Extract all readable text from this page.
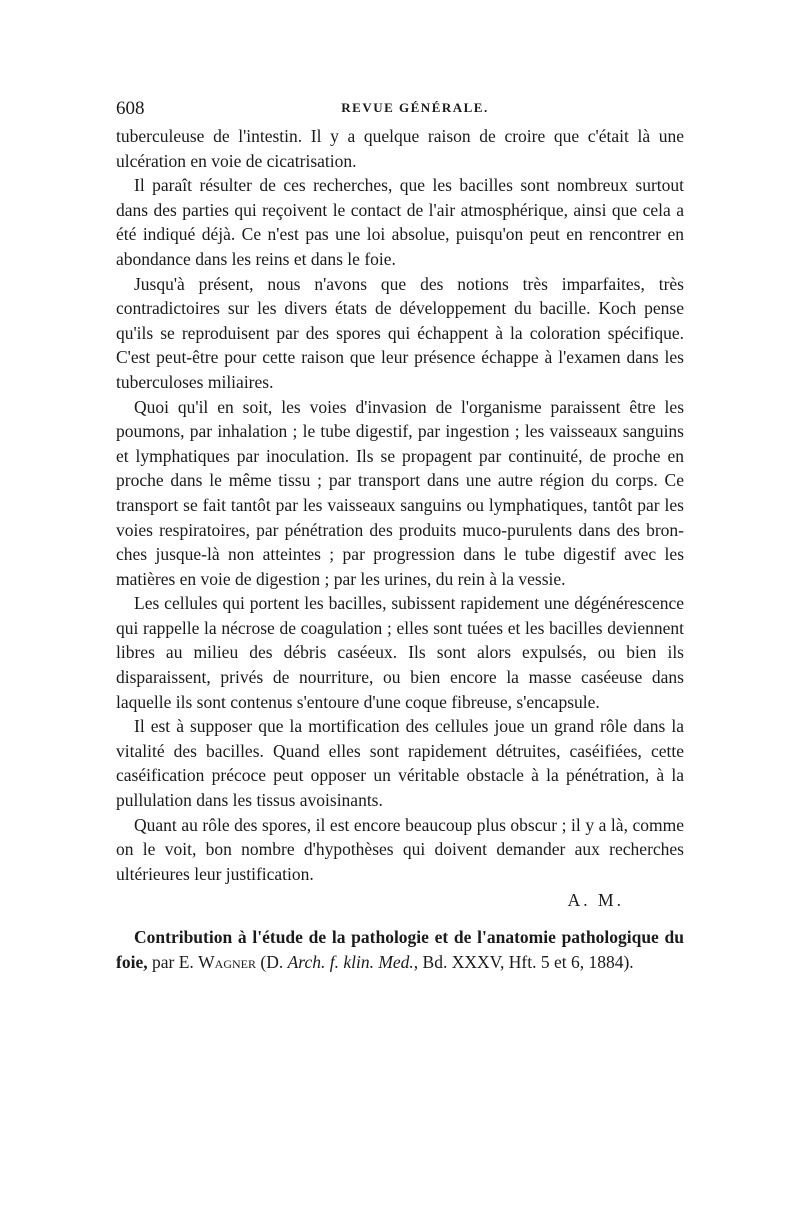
608	REVUE GÉNÉRALE.

tuberculeuse de l'intestin. Il y a quelque raison de croire que c'était là une ulcération en voie de cicatrisation.

Il paraît résulter de ces recherches, que les bacilles sont nombreux surtout dans des parties qui reçoivent le contact de l'air atmosphérique, ainsi que cela a été indiqué déjà. Ce n'est pas une loi absolue, puisqu'on peut en rencontrer en abondance dans les reins et dans le foie.

Jusqu'à présent, nous n'avons que des notions très imparfaites, très contradictoires sur les divers états de développement du bacille. Koch pense qu'ils se reproduisent par des spores qui échappent à la coloration spécifique. C'est peut-être pour cette raison que leur présence échappe à l'examen dans les tuberculoses miliaires.

Quoi qu'il en soit, les voies d'invasion de l'organisme paraissent être les poumons, par inhalation ; le tube digestif, par ingestion ; les vaisseaux sanguins et lymphatiques par inoculation. Ils se propagent par continuité, de proche en proche dans le même tissu ; par transport dans une autre région du corps. Ce transport se fait tantôt par les vaisseaux sanguins ou lymphatiques, tantôt par les voies respiratoires, par pénétration des produits muco-purulents dans des bronches jusque-là non atteintes ; par progression dans le tube digestif avec les matières en voie de digestion ; par les urines, du rein à la vessie.

Les cellules qui portent les bacilles, subissent rapidement une dégénérescence qui rappelle la nécrose de coagulation ; elles sont tuées et les bacilles deviennent libres au milieu des débris caséeux. Ils sont alors expulsés, ou bien ils disparaissent, privés de nourriture, ou bien encore la masse caséeuse dans laquelle ils sont contenus s'entoure d'une coque fibreuse, s'encapsule.

Il est à supposer que la mortification des cellules joue un grand rôle dans la vitalité des bacilles. Quand elles sont rapidement détruites, caséifiées, cette caséification précoce peut opposer un véritable obstacle à la pénétration, à la pullulation dans les tissus avoisinants.

Quant au rôle des spores, il est encore beaucoup plus obscur ; il y a là, comme on le voit, bon nombre d'hypothèses qui doivent demander aux recherches ultérieures leur justification.

A. M.
Contribution à l'étude de la pathologie et de l'anatomie pathologique du foie, par E. Wagner (D. Arch. f. klin. Med., Bd. XXXV, Hft. 5 et 6, 1884).
